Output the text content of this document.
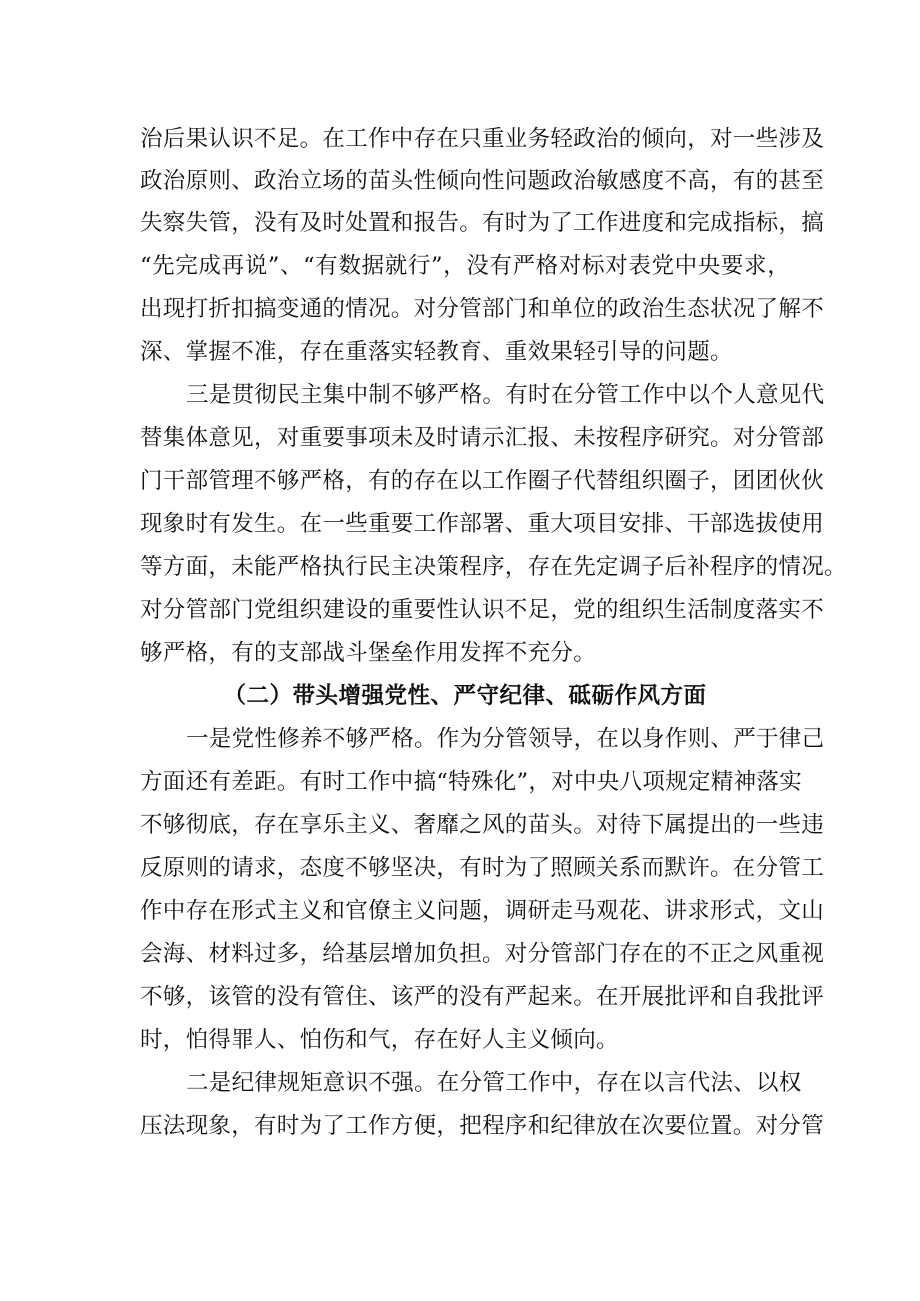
治后果认识不足。在工作中存在只重业务轻政治的倾向，对一些涉及
政治原则、政治立场的苗头性倾向性问题政治敏感度不高，有的甚至
失察失管，没有及时处置和报告。有时为了工作进度和完成指标，搞
“先完成再说”、“有数据就行”，没有严格对标对表党中央要求，
出现打折扣搞变通的情况。对分管部门和单位的政治生态状况了解不
深、掌握不准，存在重落实轻教育、重效果轻引导的问题。
三是贯彻民主集中制不够严格。有时在分管工作中以个人意见代
替集体意见，对重要事项未及时请示汇报、未按程序研究。对分管部
门干部管理不够严格，有的存在以工作圈子代替组织圈子，团团伙伙
现象时有发生。在一些重要工作部署、重大项目安排、干部选拔使用
等方面，未能严格执行民主决策程序，存在先定调子后补程序的情况。
对分管部门党组织建设的重要性认识不足，党的组织生活制度落实不
够严格，有的支部战斗堡垒作用发挥不充分。
（二）带头增强党性、严守纪律、砥砺作风方面
一是党性修养不够严格。作为分管领导，在以身作则、严于律己
方面还有差距。有时工作中搞“特殊化”，对中央八项规定精神落实
不够彻底，存在享乐主义、奢靡之风的苗头。对待下属提出的一些违
反原则的请求，态度不够坚决，有时为了照顾关系而默许。在分管工
作中存在形式主义和官僚主义问题，调研走马观花、讲求形式，文山
会海、材料过多，给基层增加负担。对分管部门存在的不正之风重视
不够，该管的没有管住、该严的没有严起来。在开展批评和自我批评
时，怕得罪人、怕伤和气，存在好人主义倾向。
二是纪律规矩意识不强。在分管工作中，存在以言代法、以权
压法现象，有时为了工作方便，把程序和纪律放在次要位置。对分管
